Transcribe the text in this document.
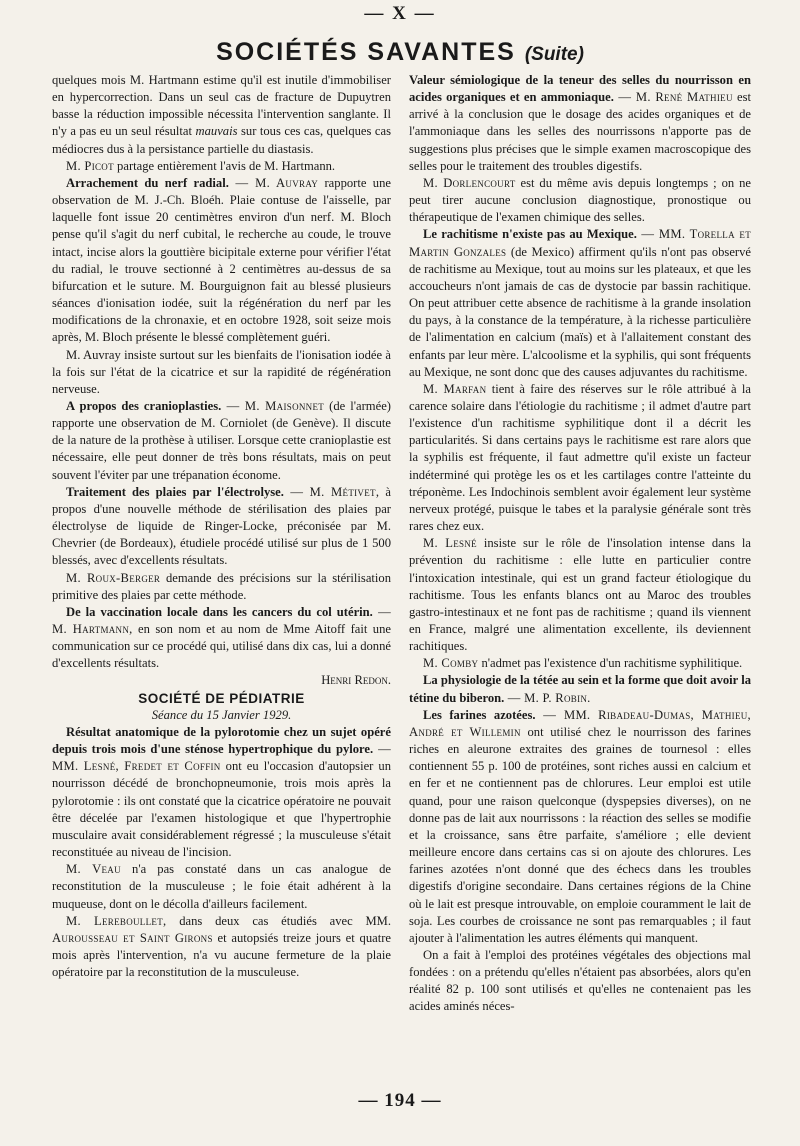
— X —
SOCIÉTÉS SAVANTES (Suite)

quelques mois M. Hartmann estime qu'il est inutile d'immobiliser en hypercorrection. Dans un seul cas de fracture de Dupuytren basse la réduction impossible nécessita l'intervention sanglante. Il n'y a pas eu un seul résultat mauvais sur tous ces cas, quelques cas médiocres dus à la persistance partielle du diastasis.

M. Picot partage entièrement l'avis de M. Hartmann.

Arrachement du nerf radial. — M. Auvray rapporte une observation de M. J.-Ch. Bloéh. Plaie contuse de l'aisselle, par laquelle font issue 20 centimètres environ d'un nerf. M. Bloch pense qu'il s'agit du nerf cubital, le recherche au coude, le trouve intact, incise alors la gouttière bicipitale externe pour vérifier l'état du radial, le trouve sectionné à 2 centimètres au-dessus de sa bifurcation et le suture. M. Bourguignon fait au blessé plusieurs séances d'ionisation iodée, suit la régénération du nerf par les modifications de la chronaxie, et en octobre 1928, soit seize mois après, M. Bloch présente le blessé complètement guéri.

M. Auvray insiste surtout sur les bienfaits de l'ionisation iodée à la fois sur l'état de la cicatrice et sur la rapidité de régénération nerveuse.

A propos des cranioplasties. — M. Maisonnet (de l'armée) rapporte une observation de M. Corniolet (de Genève). Il discute de la nature de la prothèse à utiliser. Lorsque cette cranioplastie est nécessaire, elle peut donner de très bons résultats, mais on peut souvent l'éviter par une trépanation économe.

Traitement des plaies par l'électrolyse. — M. Métivet, à propos d'une nouvelle méthode de stérilisation des plaies par électrolyse de liquide de Ringer-Locke, préconisée par M. Chevrier (de Bordeaux), étudiele procédé utilisé sur plus de 1 500 blessés, avec d'excellents résultats.

M. Roux-Berger demande des précisions sur la stérilisation primitive des plaies par cette méthode.

De la vaccination locale dans les cancers du col utérin. — M. Hartmann, en son nom et au nom de Mme Aitoff fait une communication sur ce procédé qui, utilisé dans dix cas, lui a donné d'excellents résultats.

Henri Redon.

SOCIÉTÉ DE PÉDIATRIE

Séance du 15 Janvier 1929.

Résultat anatomique de la pylorotomie chez un sujet opéré depuis trois mois d'une sténose hypertrophique du pylore. — MM. Lesné, Fredet et Coffin ont eu l'occasion d'autopsier un nourrisson décédé de bronchopneumonie, trois mois après la pylorotomie : ils ont constaté que la cicatrice opératoire ne pouvait être décelée par l'examen histologique et que l'hypertrophie musculaire avait considérablement régressé ; la musculeuse s'était reconstituée au niveau de l'incision.

M. Veau n'a pas constaté dans un cas analogue de reconstitution de la musculeuse ; le foie était adhérent à la muqueuse, dont on le décolla d'ailleurs facilement.

M. Lereboullet, dans deux cas étudiés avec MM. Aurousseau et Saint Girons et autopsiés treize jours et quatre mois après l'intervention, n'a vu aucune fermeture de la plaie opératoire par la reconstitution de la musculeuse.

Valeur sémiologique de la teneur des selles du nourrisson en acides organiques et en ammoniaque. — M. René Mathieu est arrivé à la conclusion que le dosage des acides organiques et de l'ammoniaque dans les selles des nourrissons n'apporte pas de suggestions plus précises que le simple examen macroscopique des selles pour le traitement des troubles digestifs.

M. Dorlencourt est du même avis depuis longtemps ; on ne peut tirer aucune conclusion diagnostique, pronostique ou thérapeutique de l'examen chimique des selles.

Le rachitisme n'existe pas au Mexique. — MM. Torella et Martin Gonzales (de Mexico) affirment qu'ils n'ont pas observé de rachitisme au Mexique, tout au moins sur les plateaux, et que les accoucheurs n'ont jamais de cas de dystocie par bassin rachitique. On peut attribuer cette absence de rachitisme à la grande insolation du pays, à la constance de la température, à la richesse particulière de l'alimentation en calcium (maïs) et à l'allaitement constant des enfants par leur mère. L'alcoolisme et la syphilis, qui sont fréquents au Mexique, ne sont donc que des causes adjuvantes du rachitisme.

M. Marfan tient à faire des réserves sur le rôle attribué à la carence solaire dans l'étiologie du rachitisme ; il admet d'autre part l'existence d'un rachitisme syphilitique dont il a décrit les particularités. Si dans certains pays le rachitisme est rare alors que la syphilis est fréquente, il faut admettre qu'il existe un facteur indéterminé qui protège les os et les cartilages contre l'atteinte du tréponème. Les Indochinois semblent avoir également leur système nerveux protégé, puisque le tabes et la paralysie générale sont très rares chez eux.

M. Lesné insiste sur le rôle de l'insolation intense dans la prévention du rachitisme : elle lutte en particulier contre l'intoxication intestinale, qui est un grand facteur étiologique du rachitisme. Tous les enfants blancs ont au Maroc des troubles gastro-intestinaux et ne font pas de rachitisme ; quand ils viennent en France, malgré une alimentation excellente, ils deviennent rachitiques.

M. Comby n'admet pas l'existence d'un rachitisme syphilitique.

La physiologie de la tétée au sein et la forme que doit avoir la tétine du biberon. — M. P. Robin.

Les farines azotées. — MM. Ribadeau-Dumas, Mathieu, André et Willemin ont utilisé chez le nourrisson des farines riches en aleurone extraites des graines de tournesol : elles contiennent 55 p. 100 de protéines, sont riches aussi en calcium et en fer et ne contiennent pas de chlorures. Leur emploi est utile quand, pour une raison quelconque (dyspepsies diverses), on ne donne pas de lait aux nourrissons : la réaction des selles se modifie et la croissance, sans être parfaite, s'améliore ; elle devient meilleure encore dans certains cas si on ajoute des chlorures. Les farines azotées n'ont donné que des échecs dans les troubles digestifs d'origine secondaire. Dans certaines régions de la Chine où le lait est presque introuvable, on emploie couramment le lait de soja. Les courbes de croissance ne sont pas remarquables ; il faut ajouter à l'alimentation les autres éléments qui manquent.

On a fait à l'emploi des protéines végétales des objections mal fondées : on a prétendu qu'elles n'étaient pas absorbées, alors qu'en réalité 82 p. 100 sont utilisés et qu'elles ne contenaient pas les acides aminés néces-

— 194 —
